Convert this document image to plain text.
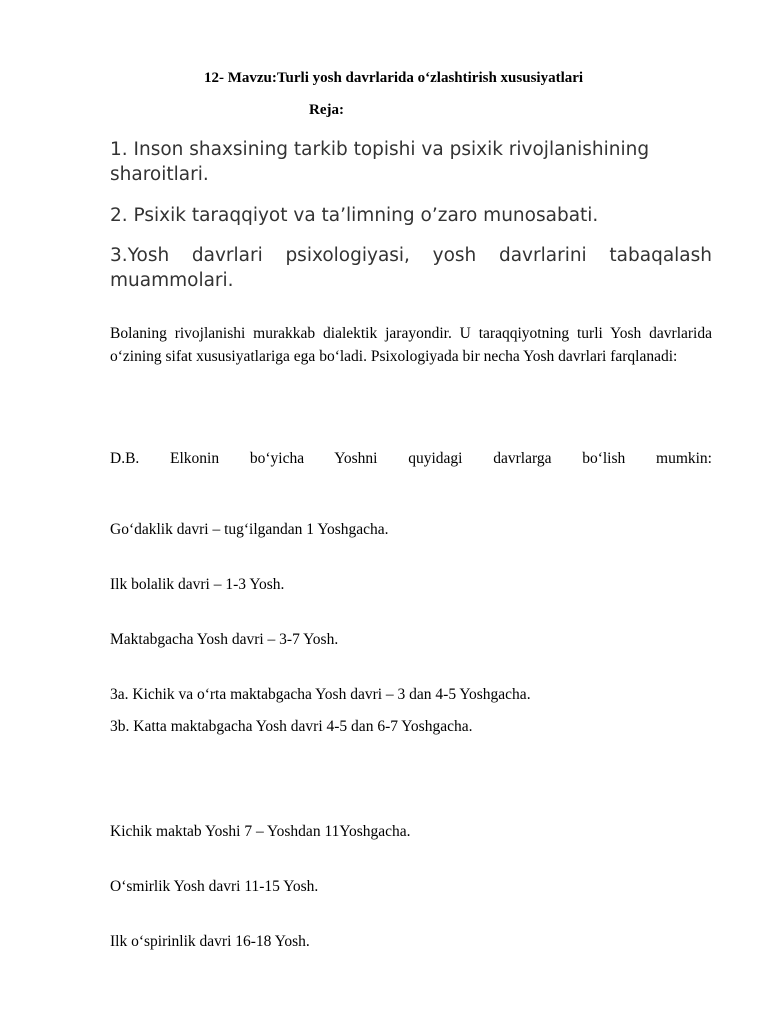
12- Mavzu:Turli yosh davrlarida o‘zlashtirish xususiyatlari
Reja:

1. Inson shaxsining tarkib topishi va psixik rivojlanishining sharoitlari.

2. Psixik taraqqiyot va ta’limning o’zaro munosabati.

3.Yosh davrlari psixologiyasi, yosh davrlarini tabaqalash muammolari.

Bolaning rivojlanishi murakkab dialektik jarayondir. U taraqqiyotning turli Yosh davrlarida o‘zining sifat xususiyatlariga ega bo‘ladi. Psixologiyada bir necha Yosh davrlari farqlanadi:

D.B. Elkonin bo‘yicha Yoshni quyidagi davrlarga bo‘lish mumkin:

Go‘daklik davri – tug‘ilgandan 1 Yoshgacha.

Ilk bolalik davri – 1-3 Yosh.

Maktabgacha Yosh davri – 3-7 Yosh.

3a. Kichik va o‘rta maktabgacha Yosh davri – 3 dan 4-5 Yoshgacha.

3b. Katta maktabgacha Yosh davri 4-5 dan 6-7 Yoshgacha.

Kichik maktab Yoshi 7 – Yoshdan 11Yoshgacha.

O‘smirlik Yosh davri 11-15 Yosh.

Ilk o‘spirinlik davri 16-18 Yosh.
